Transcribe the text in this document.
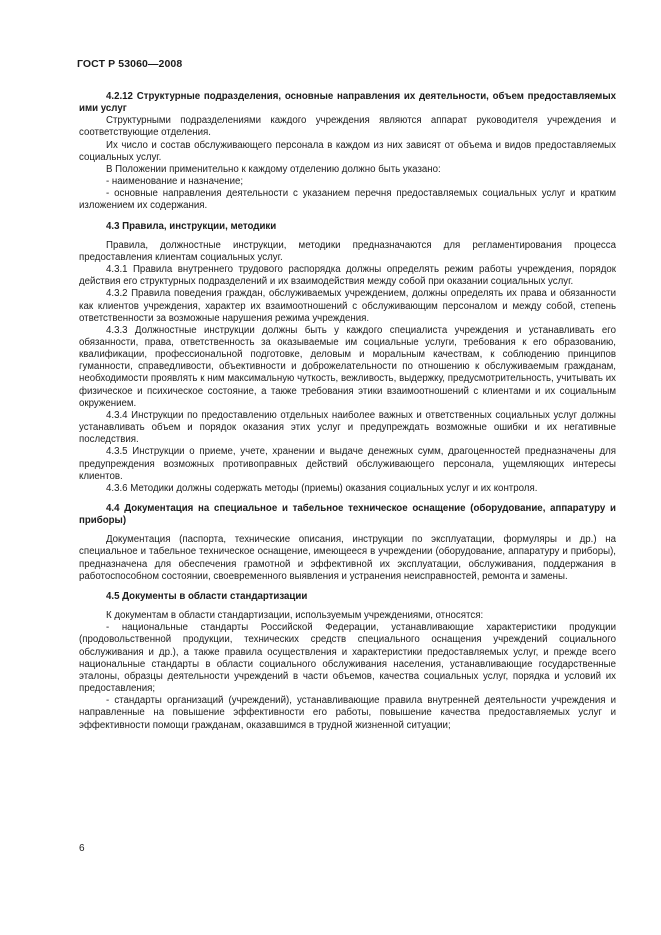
ГОСТ Р 53060—2008

4.2.12 Структурные подразделения, основные направления их деятельности, объем предоставляемых ими услуг

Структурными подразделениями каждого учреждения являются аппарат руководителя учреждения и соответствующие отделения.

Их число и состав обслуживающего персонала в каждом из них зависят от объема и видов предоставляемых социальных услуг.

В Положении применительно к каждому отделению должно быть указано:

- наименование и назначение;

- основные направления деятельности с указанием перечня предоставляемых социальных услуг и кратким изложением их содержания.

4.3 Правила, инструкции, методики

Правила, должностные инструкции, методики предназначаются для регламентирования процесса предоставления клиентам социальных услуг.

4.3.1 Правила внутреннего трудового распорядка должны определять режим работы учреждения, порядок действия его структурных подразделений и их взаимодействия между собой при оказании социальных услуг.

4.3.2 Правила поведения граждан, обслуживаемых учреждением, должны определять их права и обязанности как клиентов учреждения, характер их взаимоотношений с обслуживающим персоналом и между собой, степень ответственности за возможные нарушения режима учреждения.

4.3.3 Должностные инструкции должны быть у каждого специалиста учреждения и устанавливать его обязанности, права, ответственность за оказываемые им социальные услуги, требования к его образованию, квалификации, профессиональной подготовке, деловым и моральным качествам, к соблюдению принципов гуманности, справедливости, объективности и доброжелательности по отношению к обслуживаемым гражданам, необходимости проявлять к ним максимальную чуткость, вежливость, выдержку, предусмотрительность, учитывать их физическое и психическое состояние, а также требования этики взаимоотношений с клиентами и их социальным окружением.

4.3.4 Инструкции по предоставлению отдельных наиболее важных и ответственных социальных услуг должны устанавливать объем и порядок оказания этих услуг и предупреждать возможные ошибки и их негативные последствия.

4.3.5 Инструкции о приеме, учете, хранении и выдаче денежных сумм, драгоценностей предназначены для предупреждения возможных противоправных действий обслуживающего персонала, ущемляющих интересы клиентов.

4.3.6 Методики должны содержать методы (приемы) оказания социальных услуг и их контроля.

4.4 Документация на специальное и табельное техническое оснащение (оборудование, аппаратуру и приборы)

Документация (паспорта, технические описания, инструкции по эксплуатации, формуляры и др.) на специальное и табельное техническое оснащение, имеющееся в учреждении (оборудование, аппаратуру и приборы), предназначена для обеспечения грамотной и эффективной их эксплуатации, обслуживания, поддержания в работоспособном состоянии, своевременного выявления и устранения неисправностей, ремонта и замены.

4.5 Документы в области стандартизации

К документам в области стандартизации, используемым учреждениями, относятся:

- национальные стандарты Российской Федерации, устанавливающие характеристики продукции (продовольственной продукции, технических средств специального оснащения учреждений социального обслуживания и др.), а также правила осуществления и характеристики предоставляемых услуг, и прежде всего национальные стандарты в области социального обслуживания населения, устанавливающие государственные эталоны, образцы деятельности учреждений в части объемов, качества социальных услуг, порядка и условий их предоставления;

- стандарты организаций (учреждений), устанавливающие правила внутренней деятельности учреждения и направленные на повышение эффективности его работы, повышение качества предоставляемых услуг и эффективности помощи гражданам, оказавшимся в трудной жизненной ситуации;

6
